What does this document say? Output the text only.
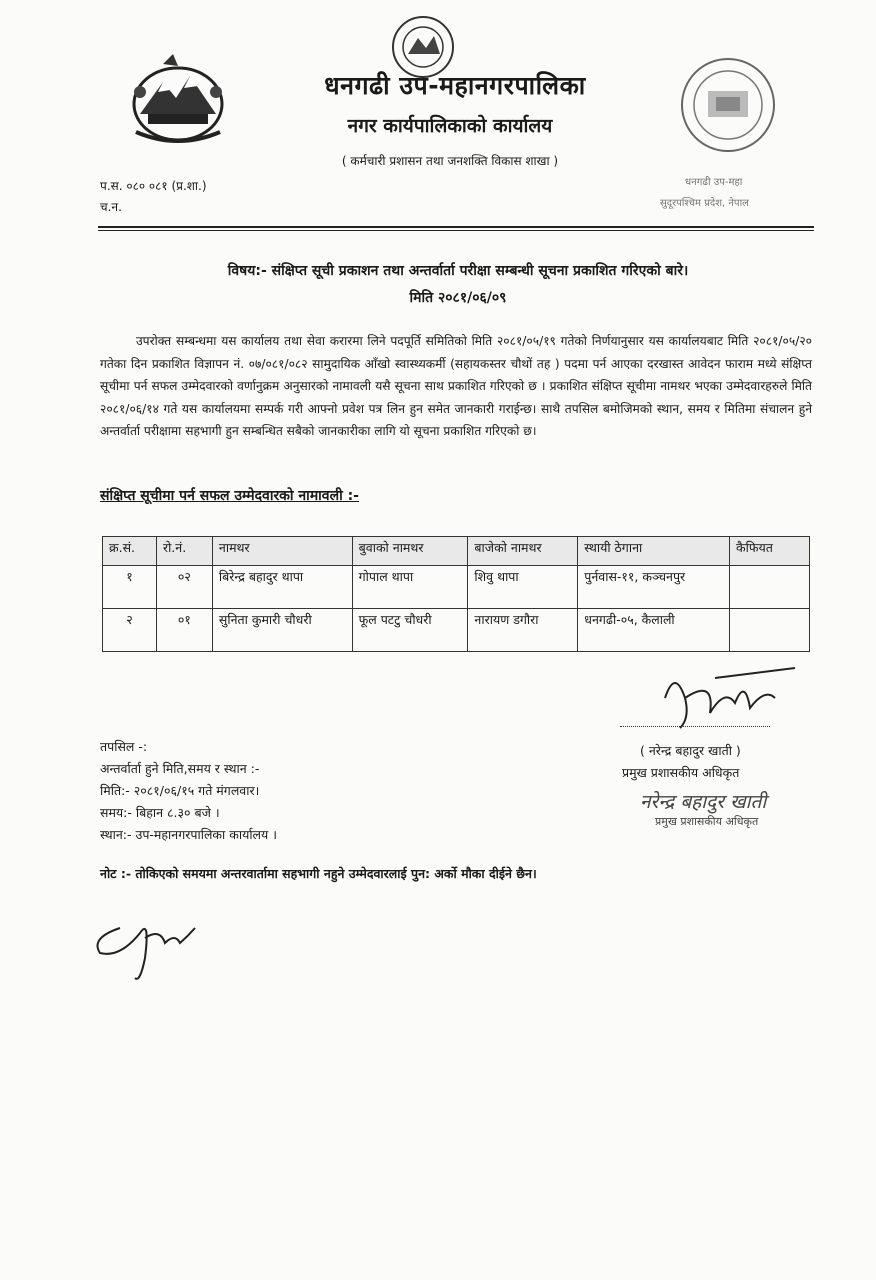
धनगढी उप-महानगरपालिका
नगर कार्यपालिकाको कार्यालय
( कर्मचारी प्रशासन तथा जनशक्ति विकास शाखा )
प.स. ०८० ०८१ (प्र.शा.)
च.न.
धनगढी उप-महा
सुदूरपश्चिम प्रदेश, नेपाल
विषय:- संक्षिप्त सूची प्रकाशन तथा अन्तर्वार्ता परीक्षा सम्बन्धी सूचना प्रकाशित गरिएको बारे।
मिति २०८१/०६/०९
उपरोक्त सम्बन्धमा यस कार्यालय तथा सेवा करारमा लिने पदपूर्ति समितिको मिति २०८१/०५/१९ गतेको निर्णयानुसार यस कार्यालयबाट मिति २०८१/०५/२० गतेका दिन प्रकाशित विज्ञापन नं. ०७/०८१/०८२ सामुदायिक आँखो स्वास्थ्यकर्मी (सहायकस्तर चौथों तह ) पदमा पर्न आएका दरखास्त आवेदन फाराम मध्ये संक्षिप्त सूचीमा पर्न सफल उम्मेदवारको वर्णानुक्रम अनुसारको नामावली यसै सूचना साथ प्रकाशित गरिएको छ । प्रकाशित संक्षिप्त सूचीमा नामथर भएका उम्मेदवारहरुले मिति २०८१/०६/१४ गते यस कार्यालयमा सम्पर्क गरी आफ्नो प्रवेश पत्र लिन हुन समेत जानकारी गराईन्छ। साथै तपसिल बमोजिमको स्थान, समय र मितिमा संचालन हुने अन्तर्वार्ता परीक्षामा सहभागी हुन सम्बन्धित सबैको जानकारीका लागि यो सूचना प्रकाशित गरिएको छ।
संक्षिप्त सूचीमा पर्न सफल उम्मेदवारको नामावली :-
क्र.सं.	रो.नं.	नामथर	बुवाको नामथर	बाजेको नामथर	स्थायी ठेगाना	कैफियत
१	०२	बिरेन्द्र बहादुर थापा	गोपाल थापा	शिवु थापा	पुर्नवास-११, कञ्चनपुर	
२	०१	सुनिता कुमारी चौधरी	फूल पटटु चौधरी	नारायण डगौरा	धनगढी-०५, कैलाली	
( नरेन्द्र बहादुर खाती )
प्रमुख प्रशासकीय अधिकृत
नरेन्द्र बहादुर खाती
प्रमुख प्रशासकीय अधिकृत
तपसिल -:
अन्तर्वार्ता हुने मिति,समय र स्थान :-
मिति:- २०८१/०६/१५ गते मंगलवार।
समय:- बिहान ८.३० बजे ।
स्थान:- उप-महानगरपालिका कार्यालय ।
नोट :- तोकिएको समयमा अन्तरवार्तामा सहभागी नहुने उम्मेदवारलाई पुन: अर्को मौका दीईने छैन।
